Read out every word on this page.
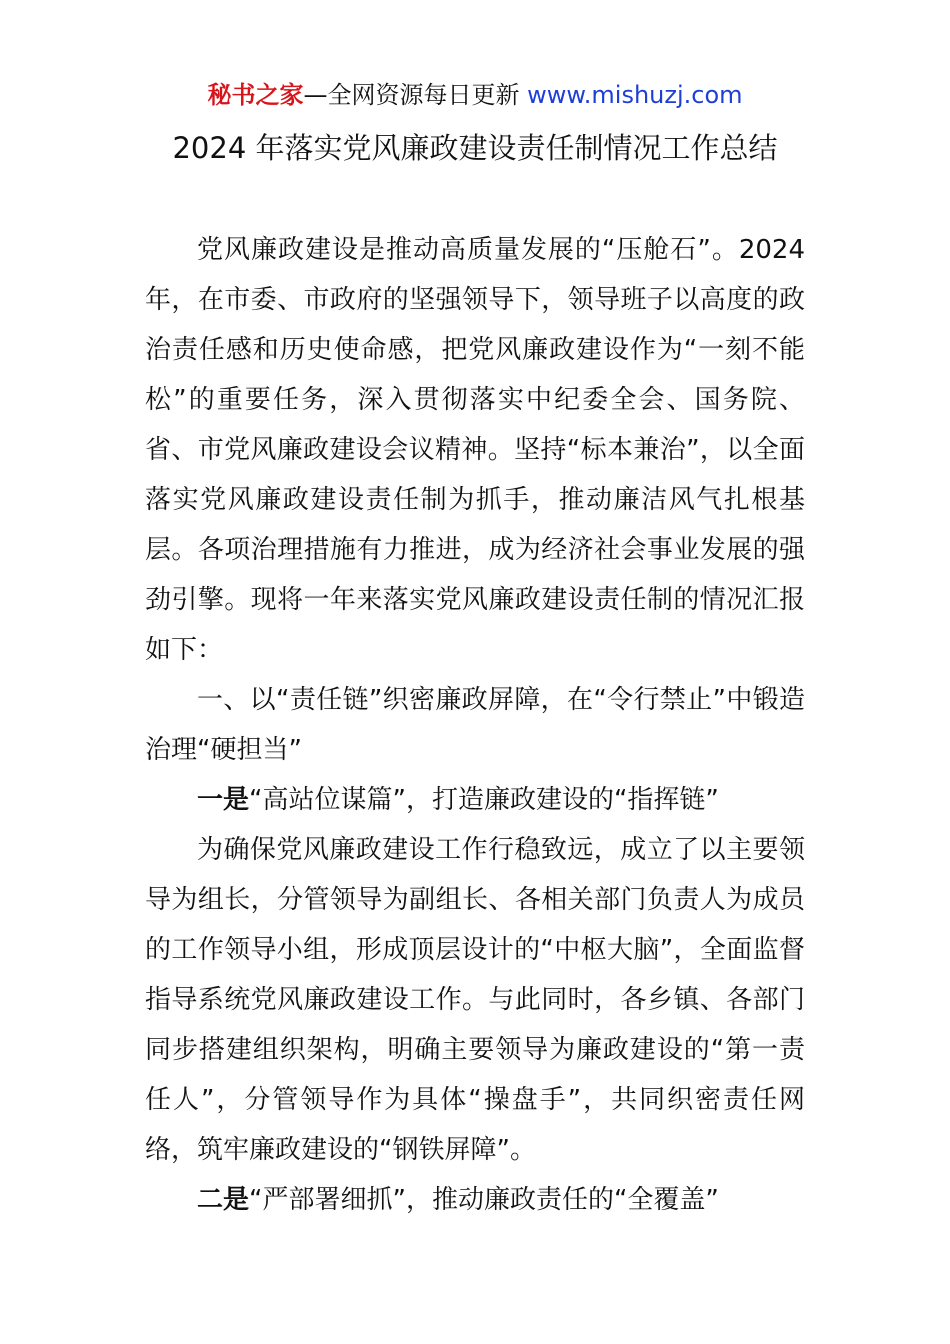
秘书之家—全网资源每日更新 www.mishuzj.com
2024 年落实党风廉政建设责任制情况工作总结

党风廉政建设是推动高质量发展的“压舱石”。2024 年，在市委、市政府的坚强领导下，领导班子以高度的政治责任感和历史使命感，把党风廉政建设作为“一刻不能松”的重要任务，深入贯彻落实中纪委全会、国务院、省、市党风廉政建设会议精神。坚持“标本兼治”，以全面落实党风廉政建设责任制为抓手，推动廉洁风气扎根基层。各项治理措施有力推进，成为经济社会事业发展的强劲引擎。现将一年来落实党风廉政建设责任制的情况汇报如下：

一、以“责任链”织密廉政屏障，在“令行禁止”中锻造治理“硬担当”

一是“高站位谋篇”，打造廉政建设的“指挥链”

为确保党风廉政建设工作行稳致远，成立了以主要领导为组长，分管领导为副组长、各相关部门负责人为成员的工作领导小组，形成顶层设计的“中枢大脑”，全面监督指导系统党风廉政建设工作。与此同时，各乡镇、各部门同步搭建组织架构，明确主要领导为廉政建设的“第一责任人”，分管领导作为具体“操盘手”，共同织密责任网络，筑牢廉政建设的“钢铁屏障”。

二是“严部署细抓”，推动廉政责任的“全覆盖”
